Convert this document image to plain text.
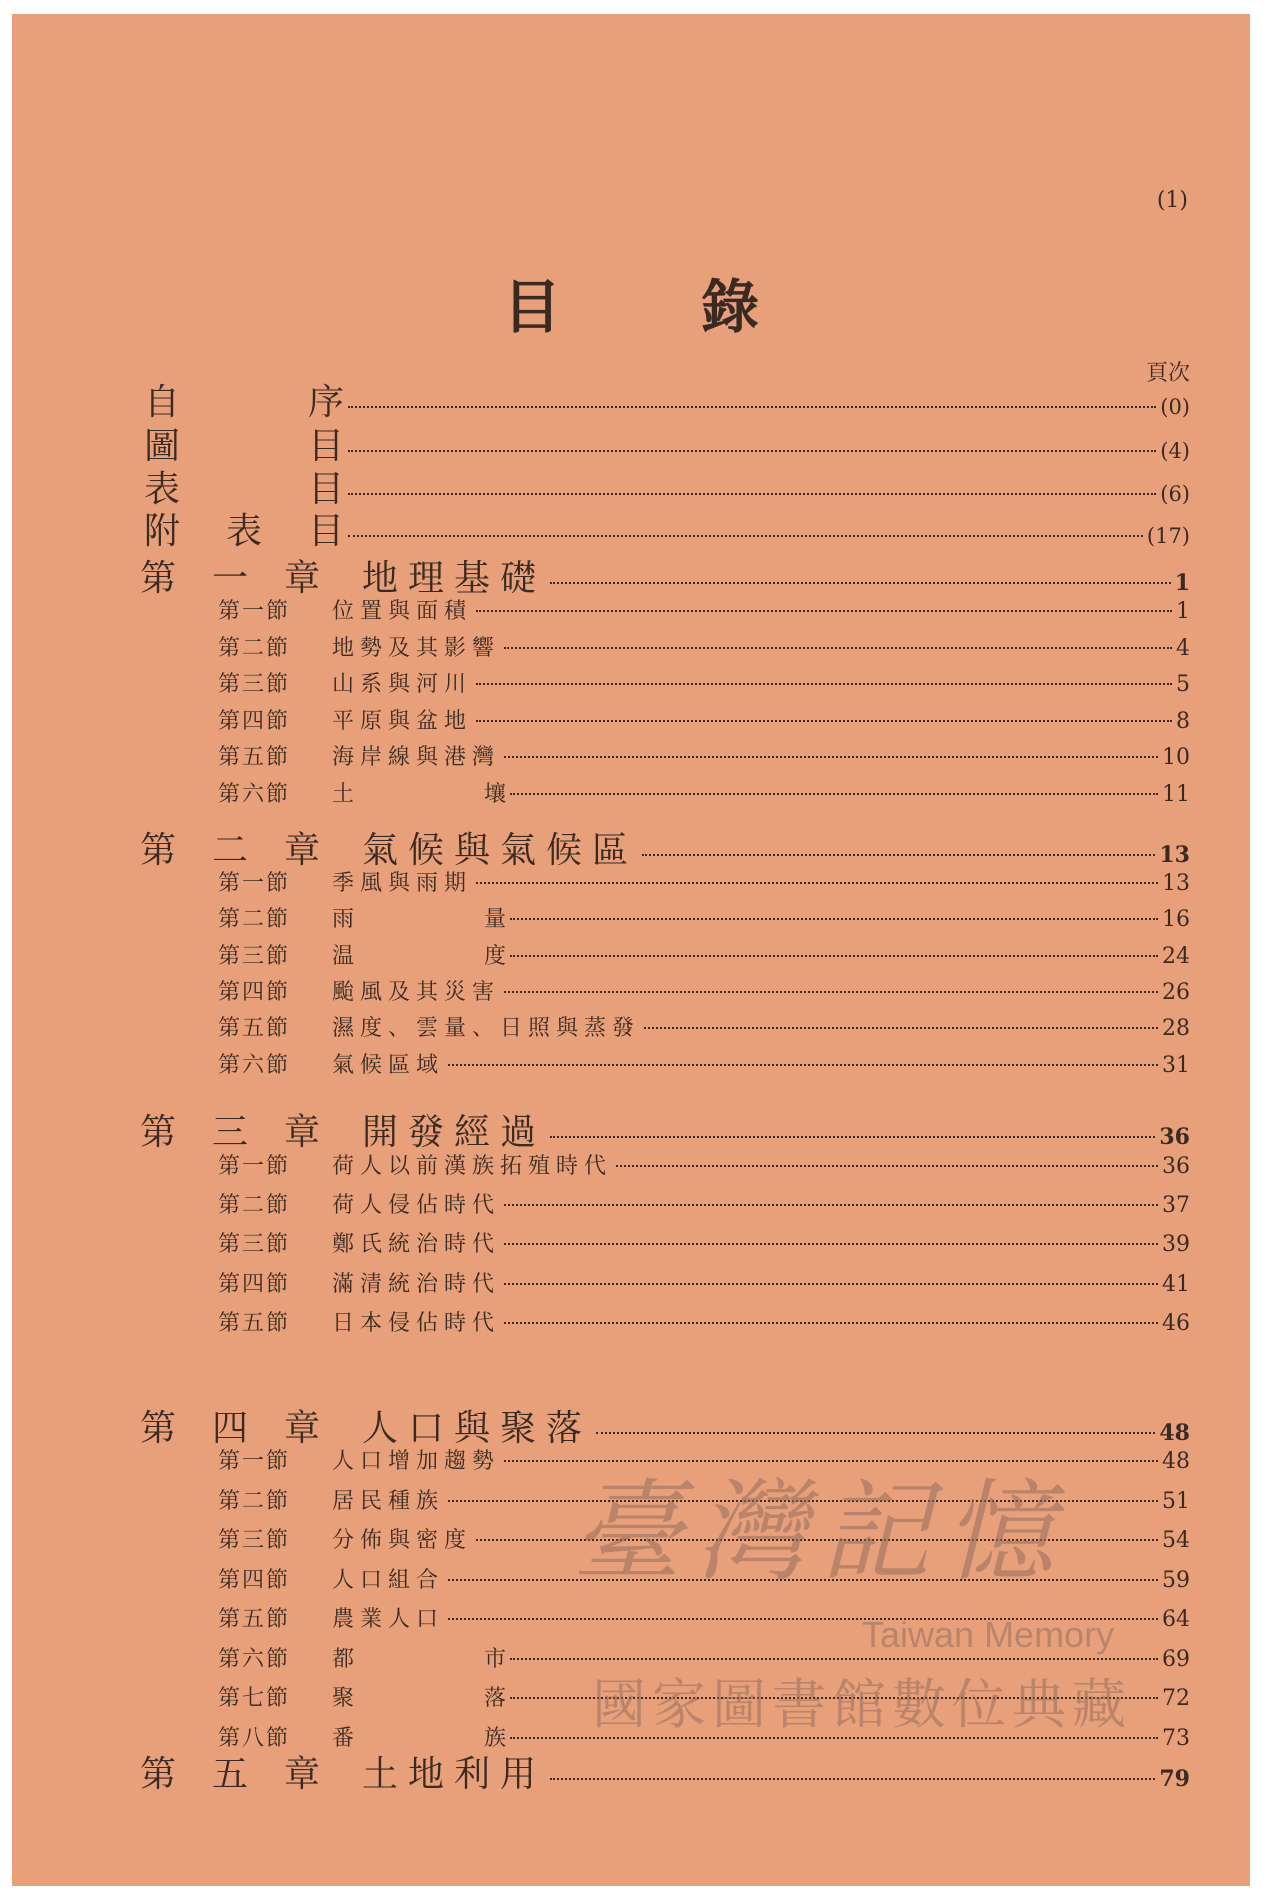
(1)
目錄
頁次
自	序	(0)
圖	目	(4)
表	目	(6)
附 表 目	(17)
第 一 章 地理基礎	1
第一節	位置與面積	1
第二節	地勢及其影響	4
第三節	山系與河川	5
第四節	平原與盆地	8
第五節	海岸線與港灣	10
第六節	土	壤	11
第 二 章 氣候與氣候區	13
第一節	季風與雨期	13
第二節	雨	量	16
第三節	温	度	24
第四節	颱風及其災害	26
第五節	濕度、雲量、日照與蒸發	28
第六節	氣候區域	31
第 三 章 開發經過	36
第一節	荷人以前漢族拓殖時代	36
第二節	荷人侵佔時代	37
第三節	鄭氏統治時代	39
第四節	滿清統治時代	41
第五節	日本侵佔時代	46
第 四 章 人口與聚落	48
第一節	人口增加趨勢	48
第二節	居民種族	51
第三節	分佈與密度	54
第四節	人口組合	59
第五節	農業人口	64
第六節	都	市	69
第七節	聚	落	72
第八節	番	族	73
第 五 章 土地利用	79
臺灣記憶
Taiwan Memory
國家圖書館數位典藏
